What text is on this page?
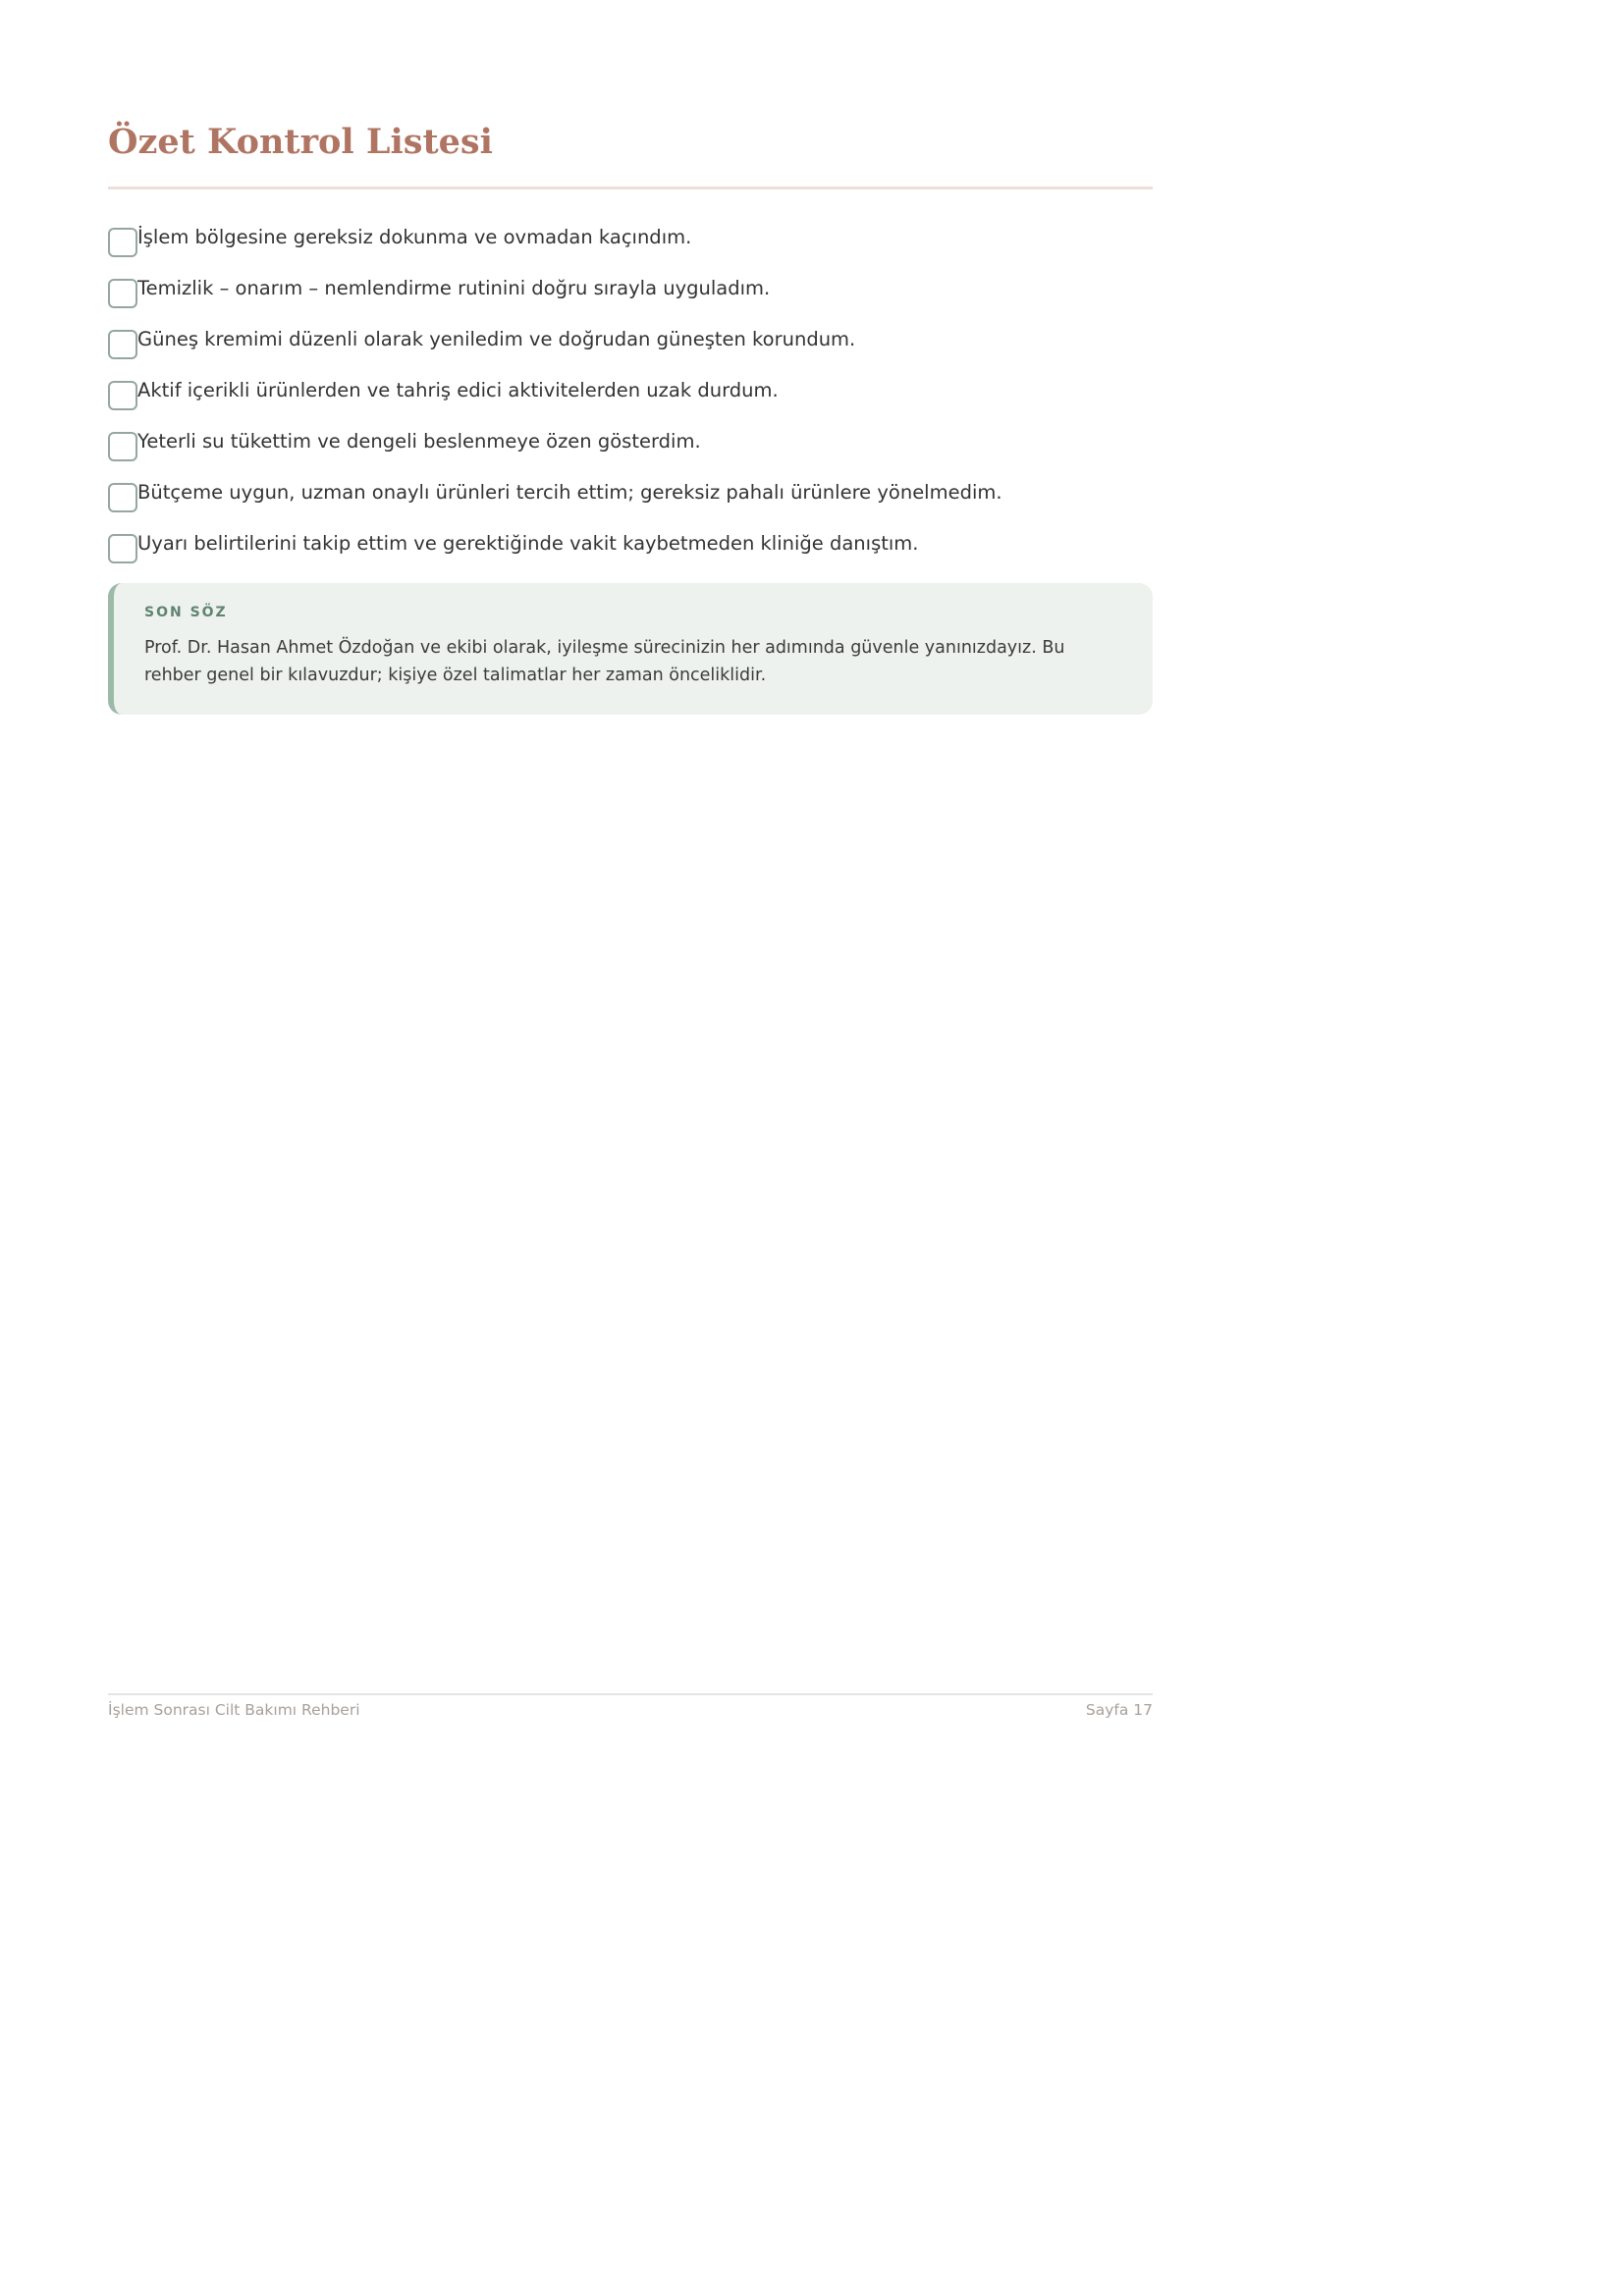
Özet Kontrol Listesi
İşlem bölgesine gereksiz dokunma ve ovmadan kaçındım.
Temizlik – onarım – nemlendirme rutinini doğru sırayla uyguladım.
Güneş kremimi düzenli olarak yeniledim ve doğrudan güneşten korundum.
Aktif içerikli ürünlerden ve tahriş edici aktivitelerden uzak durdum.
Yeterli su tükettim ve dengeli beslenmeye özen gösterdim.
Bütçeme uygun, uzman onaylı ürünleri tercih ettim; gereksiz pahalı ürünlere yönelmedim.
Uyarı belirtilerini takip ettim ve gerektiğinde vakit kaybetmeden kliniğe danıştım.

SON SÖZ

Prof. Dr. Hasan Ahmet Özdoğan ve ekibi olarak, iyileşme sürecinizin her adımında güvenle yanınızdayız. Bu rehber genel bir kılavuzdur; kişiye özel talimatlar her zaman önceliklidir.

İşlem Sonrası Cilt Bakımı Rehberi	Sayfa 17
